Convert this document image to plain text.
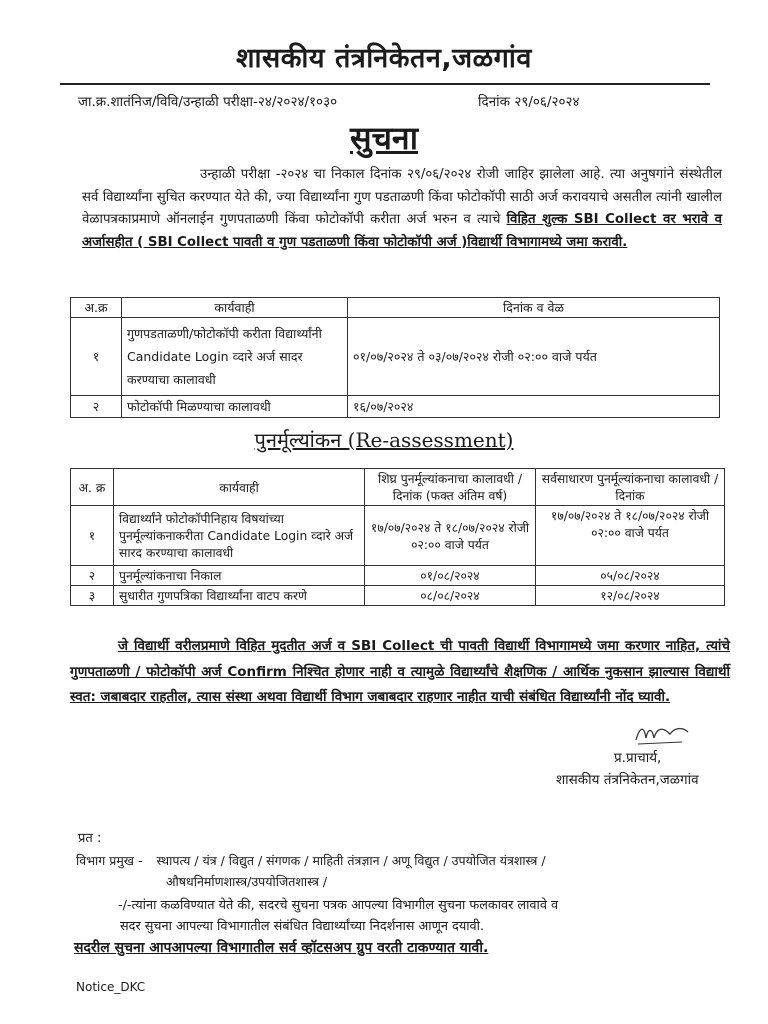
शासकीय तंत्रनिकेतन,जळगांव
जा.क्र.शातंनिज/विवि/उन्हाळी परीक्षा-२४/२०२४/१०३०	दिनांक २९/०६/२०२४
सुचना
उन्हाळी परीक्षा -२०२४ चा निकाल दिनांक २९/०६/२०२४ रोजी जाहिर झालेला आहे. त्या अनुषगांने संस्थेतील सर्व विद्यार्थ्यांना सुचित करण्यात येते की, ज्या विद्यार्थ्यांना गुण पडताळणी किंवा फोटोकॉपी साठी अर्ज करावयाचे असतील त्यांनी खालील वेळापत्रकाप्रमाणे ऑनलाईन गुणपताळणी किंवा फोटोकॉपी करीता अर्ज भरुन व त्याचे विहित शुल्क SBI Collect वर भरावे व अर्जासहीत ( SBI Collect पावती व गुण पडताळणी किंवा फोटोकॉपी अर्ज )विद्यार्थी विभागामध्ये जमा करावी.
अ.क्र	कार्यवाही	दिनांक व वेळ
१	गुणपडताळणी/फोटोकॉपी करीता विद्यार्थ्यांनी Candidate Login व्दारे अर्ज सादर करण्याचा कालावधी	०१/०७/२०२४ ते ०३/०७/२०२४ रोजी ०२:०० वाजे पर्यत
२	फोटोकॉपी मिळण्याचा कालावधी	१६/०७/२०२४
पुनर्मूल्यांकन (Re-assessment)
अ. क्र	कार्यवाही	शिघ्र पुनर्मूल्यांकनाचा कालावधी / दिनांक (फक्त अंतिम वर्ष)	सर्वसाधारण पुनर्मूल्यांकनाचा कालावधी / दिनांक
१	विद्यार्थ्यांने फोटोकॉपीनिहाय विषयांच्या पुनर्मूल्यांकनाकरीता Candidate Login व्दारे अर्ज सारद करण्याचा कालावधी	१७/०७/२०२४ ते १८/०७/२०२४ रोजी ०२:०० वाजे पर्यत	१७/०७/२०२४ ते १८/०७/२०२४ रोजी ०२:०० वाजे पर्यत
२	पुनर्मूल्यांकनाचा निकाल	०१/०८/२०२४	०५/०८/२०२४
३	सुधारीत गुणपत्रिका विद्यार्थ्यांना वाटप करणे	०८/०८/२०२४	१२/०८/२०२४
जे विद्यार्थी वरीलप्रमाणे विहित मुदतीत अर्ज व SBI Collect ची पावती विद्यार्थी विभागामध्ये जमा करणार नाहित, त्यांचे गुणपताळणी / फोटोकॉपी अर्ज Confirm निश्चित होणार नाही व त्यामुळे विद्यार्थ्यांचे शैक्षणिक / आर्थिक नुकसान झाल्यास विद्यार्थी स्वत: जबाबदार राहतील, त्यास संस्था अथवा विद्यार्थी विभाग जबाबदार राहणार नाहीत याची संबंधित विद्यार्थ्यांनी नोंद घ्यावी.
प्र.प्राचार्य,
शासकीय तंत्रनिकेतन,जळगांव
प्रत :
विभाग प्रमुख - स्थापत्य / यंत्र / विद्युत / संगणक / माहिती तंत्रज्ञान / अणू विद्युत / उपयोजित यंत्रशास्त्र /
औषधनिर्माणशास्त्र/उपयोजितशास्त्र /
-/-त्यांना कळविण्यात येते की, सदरचे सुचना पत्रक आपल्या विभागील सुचना फलकावर लावावे व
सदर सुचना आपल्या विभागातील संबंधित विद्यार्थ्यांच्या निदर्शनास आणून दयावी.
सदरील सुचना आपआपल्या विभागातील सर्व व्हॉटसअप ग्रुप वरती टाकण्यात यावी.
Notice_DKC
